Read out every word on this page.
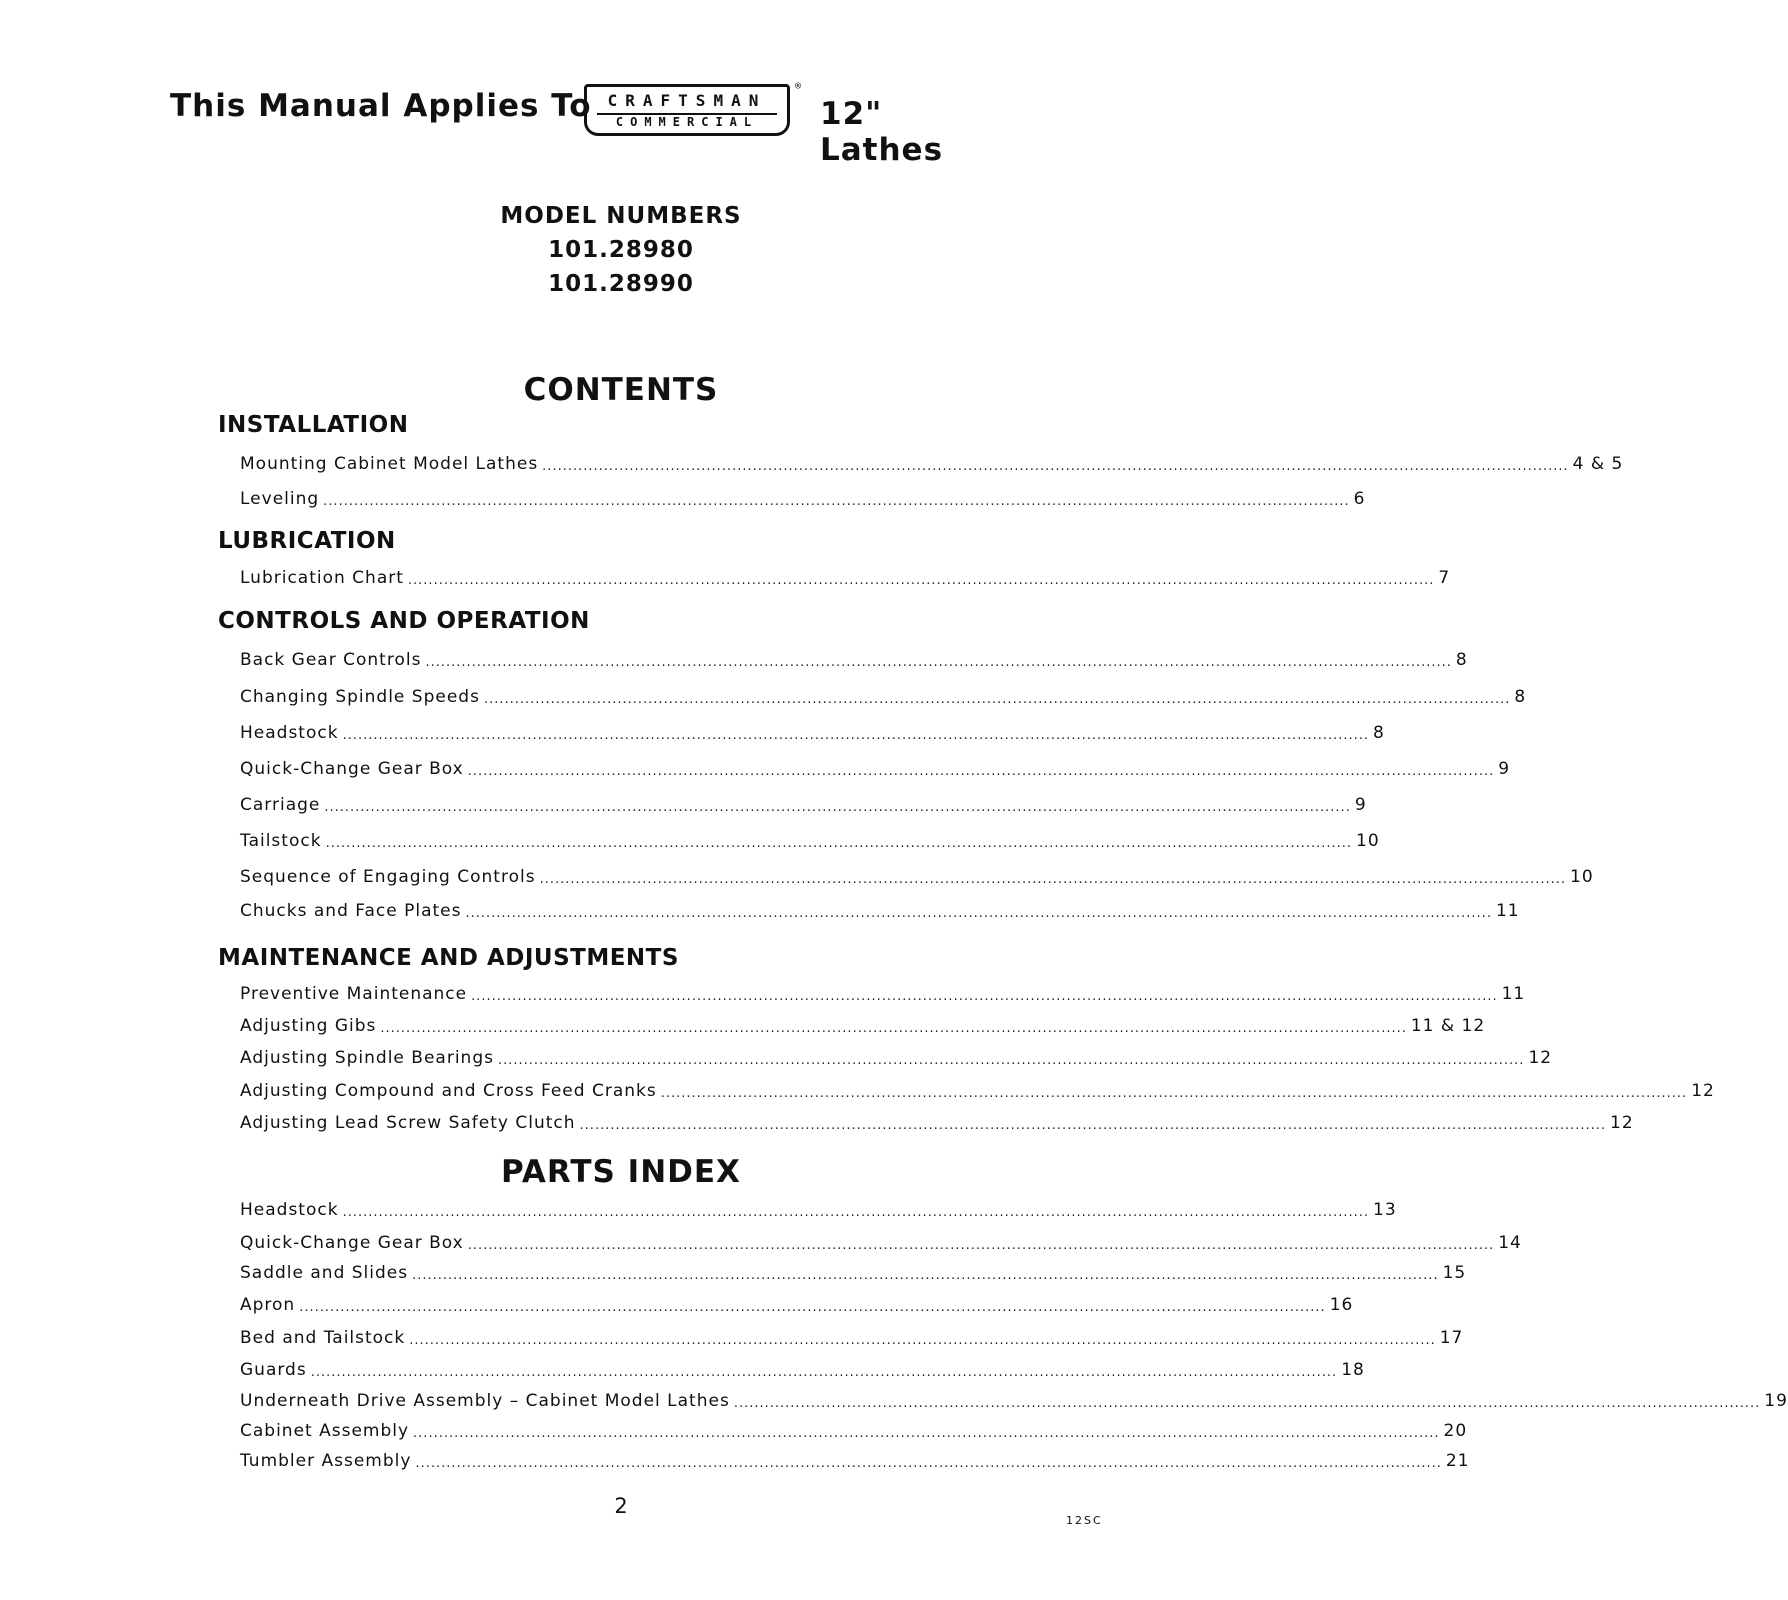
This Manual Applies To	CRAFTSMAN
COMMERCIAL
®
12" Lathes
MODEL NUMBERS
101.28980
101.28990
CONTENTS
INSTALLATION
Mounting Cabinet Model Lathes ........................................................................................................................................................................................................ 4 & 5
Leveling ........................................................................................................................................................................................................ 6
LUBRICATION
Lubrication Chart ........................................................................................................................................................................................................ 7
CONTROLS AND OPERATION
Back Gear Controls ........................................................................................................................................................................................................ 8
Changing Spindle Speeds ........................................................................................................................................................................................................ 8
Headstock ........................................................................................................................................................................................................ 8
Quick-Change Gear Box ........................................................................................................................................................................................................ 9
Carriage ........................................................................................................................................................................................................ 9
Tailstock ........................................................................................................................................................................................................ 10
Sequence of Engaging Controls ........................................................................................................................................................................................................ 10
Chucks and Face Plates ........................................................................................................................................................................................................ 11
MAINTENANCE AND ADJUSTMENTS
Preventive Maintenance ........................................................................................................................................................................................................ 11
Adjusting Gibs ........................................................................................................................................................................................................ 11 & 12
Adjusting Spindle Bearings ........................................................................................................................................................................................................ 12
Adjusting Compound and Cross Feed Cranks ........................................................................................................................................................................................................ 12
Adjusting Lead Screw Safety Clutch ........................................................................................................................................................................................................ 12
PARTS INDEX
Headstock ........................................................................................................................................................................................................ 13
Quick-Change Gear Box ........................................................................................................................................................................................................ 14
Saddle and Slides ........................................................................................................................................................................................................ 15
Apron ........................................................................................................................................................................................................ 16
Bed and Tailstock ........................................................................................................................................................................................................ 17
Guards ........................................................................................................................................................................................................ 18
Underneath Drive Assembly – Cabinet Model Lathes ........................................................................................................................................................................................................ 19
Cabinet Assembly ........................................................................................................................................................................................................ 20
Tumbler Assembly ........................................................................................................................................................................................................ 21
2
12SC
